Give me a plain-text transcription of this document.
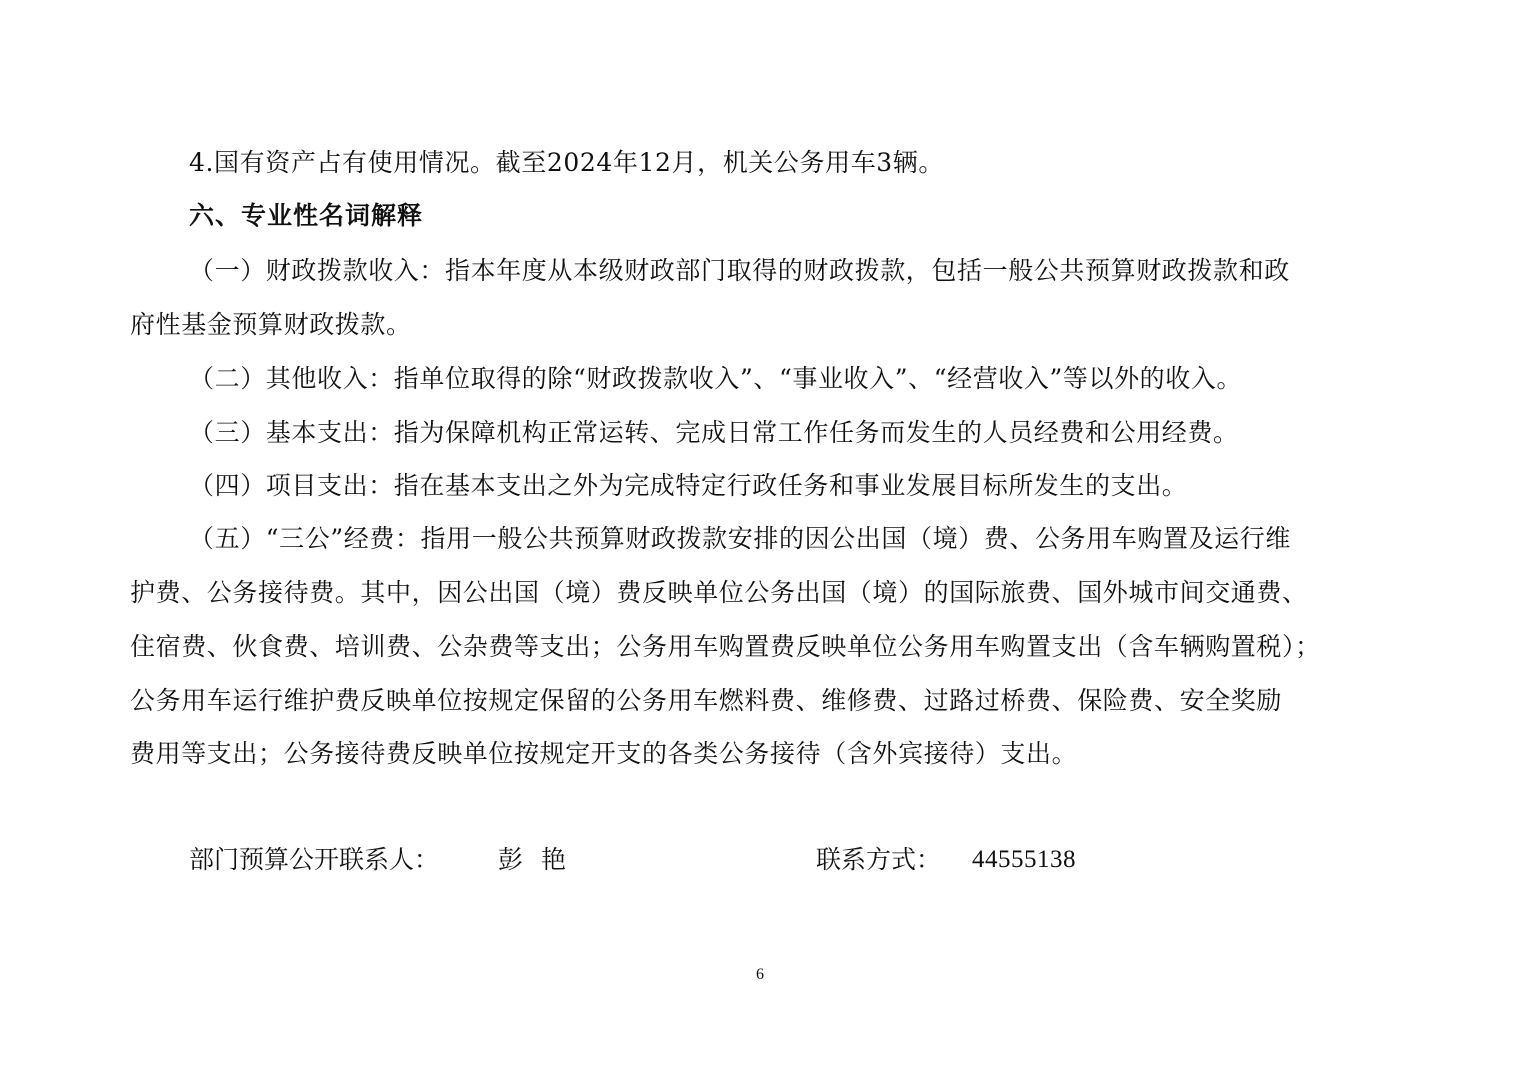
4.国有资产占有使用情况。截至2024年12月，机关公务用车3辆。
六、专业性名词解释
（一）财政拨款收入：指本年度从本级财政部门取得的财政拨款，包括一般公共预算财政拨款和政
府性基金预算财政拨款。
（二）其他收入：指单位取得的除“财政拨款收入”、“事业收入”、“经营收入”等以外的收入。
（三）基本支出：指为保障机构正常运转、完成日常工作任务而发生的人员经费和公用经费。
（四）项目支出：指在基本支出之外为完成特定行政任务和事业发展目标所发生的支出。
（五）“三公”经费：指用一般公共预算财政拨款安排的因公出国（境）费、公务用车购置及运行维
护费、公务接待费。其中，因公出国（境）费反映单位公务出国（境）的国际旅费、国外城市间交通费、
住宿费、伙食费、培训费、公杂费等支出；公务用车购置费反映单位公务用车购置支出（含车辆购置税）；
公务用车运行维护费反映单位按规定保留的公务用车燃料费、维修费、过路过桥费、保险费、安全奖励
费用等支出；公务接待费反映单位按规定开支的各类公务接待（含外宾接待）支出。
部门预算公开联系人： 彭艳	联系方式： 44555138
6
